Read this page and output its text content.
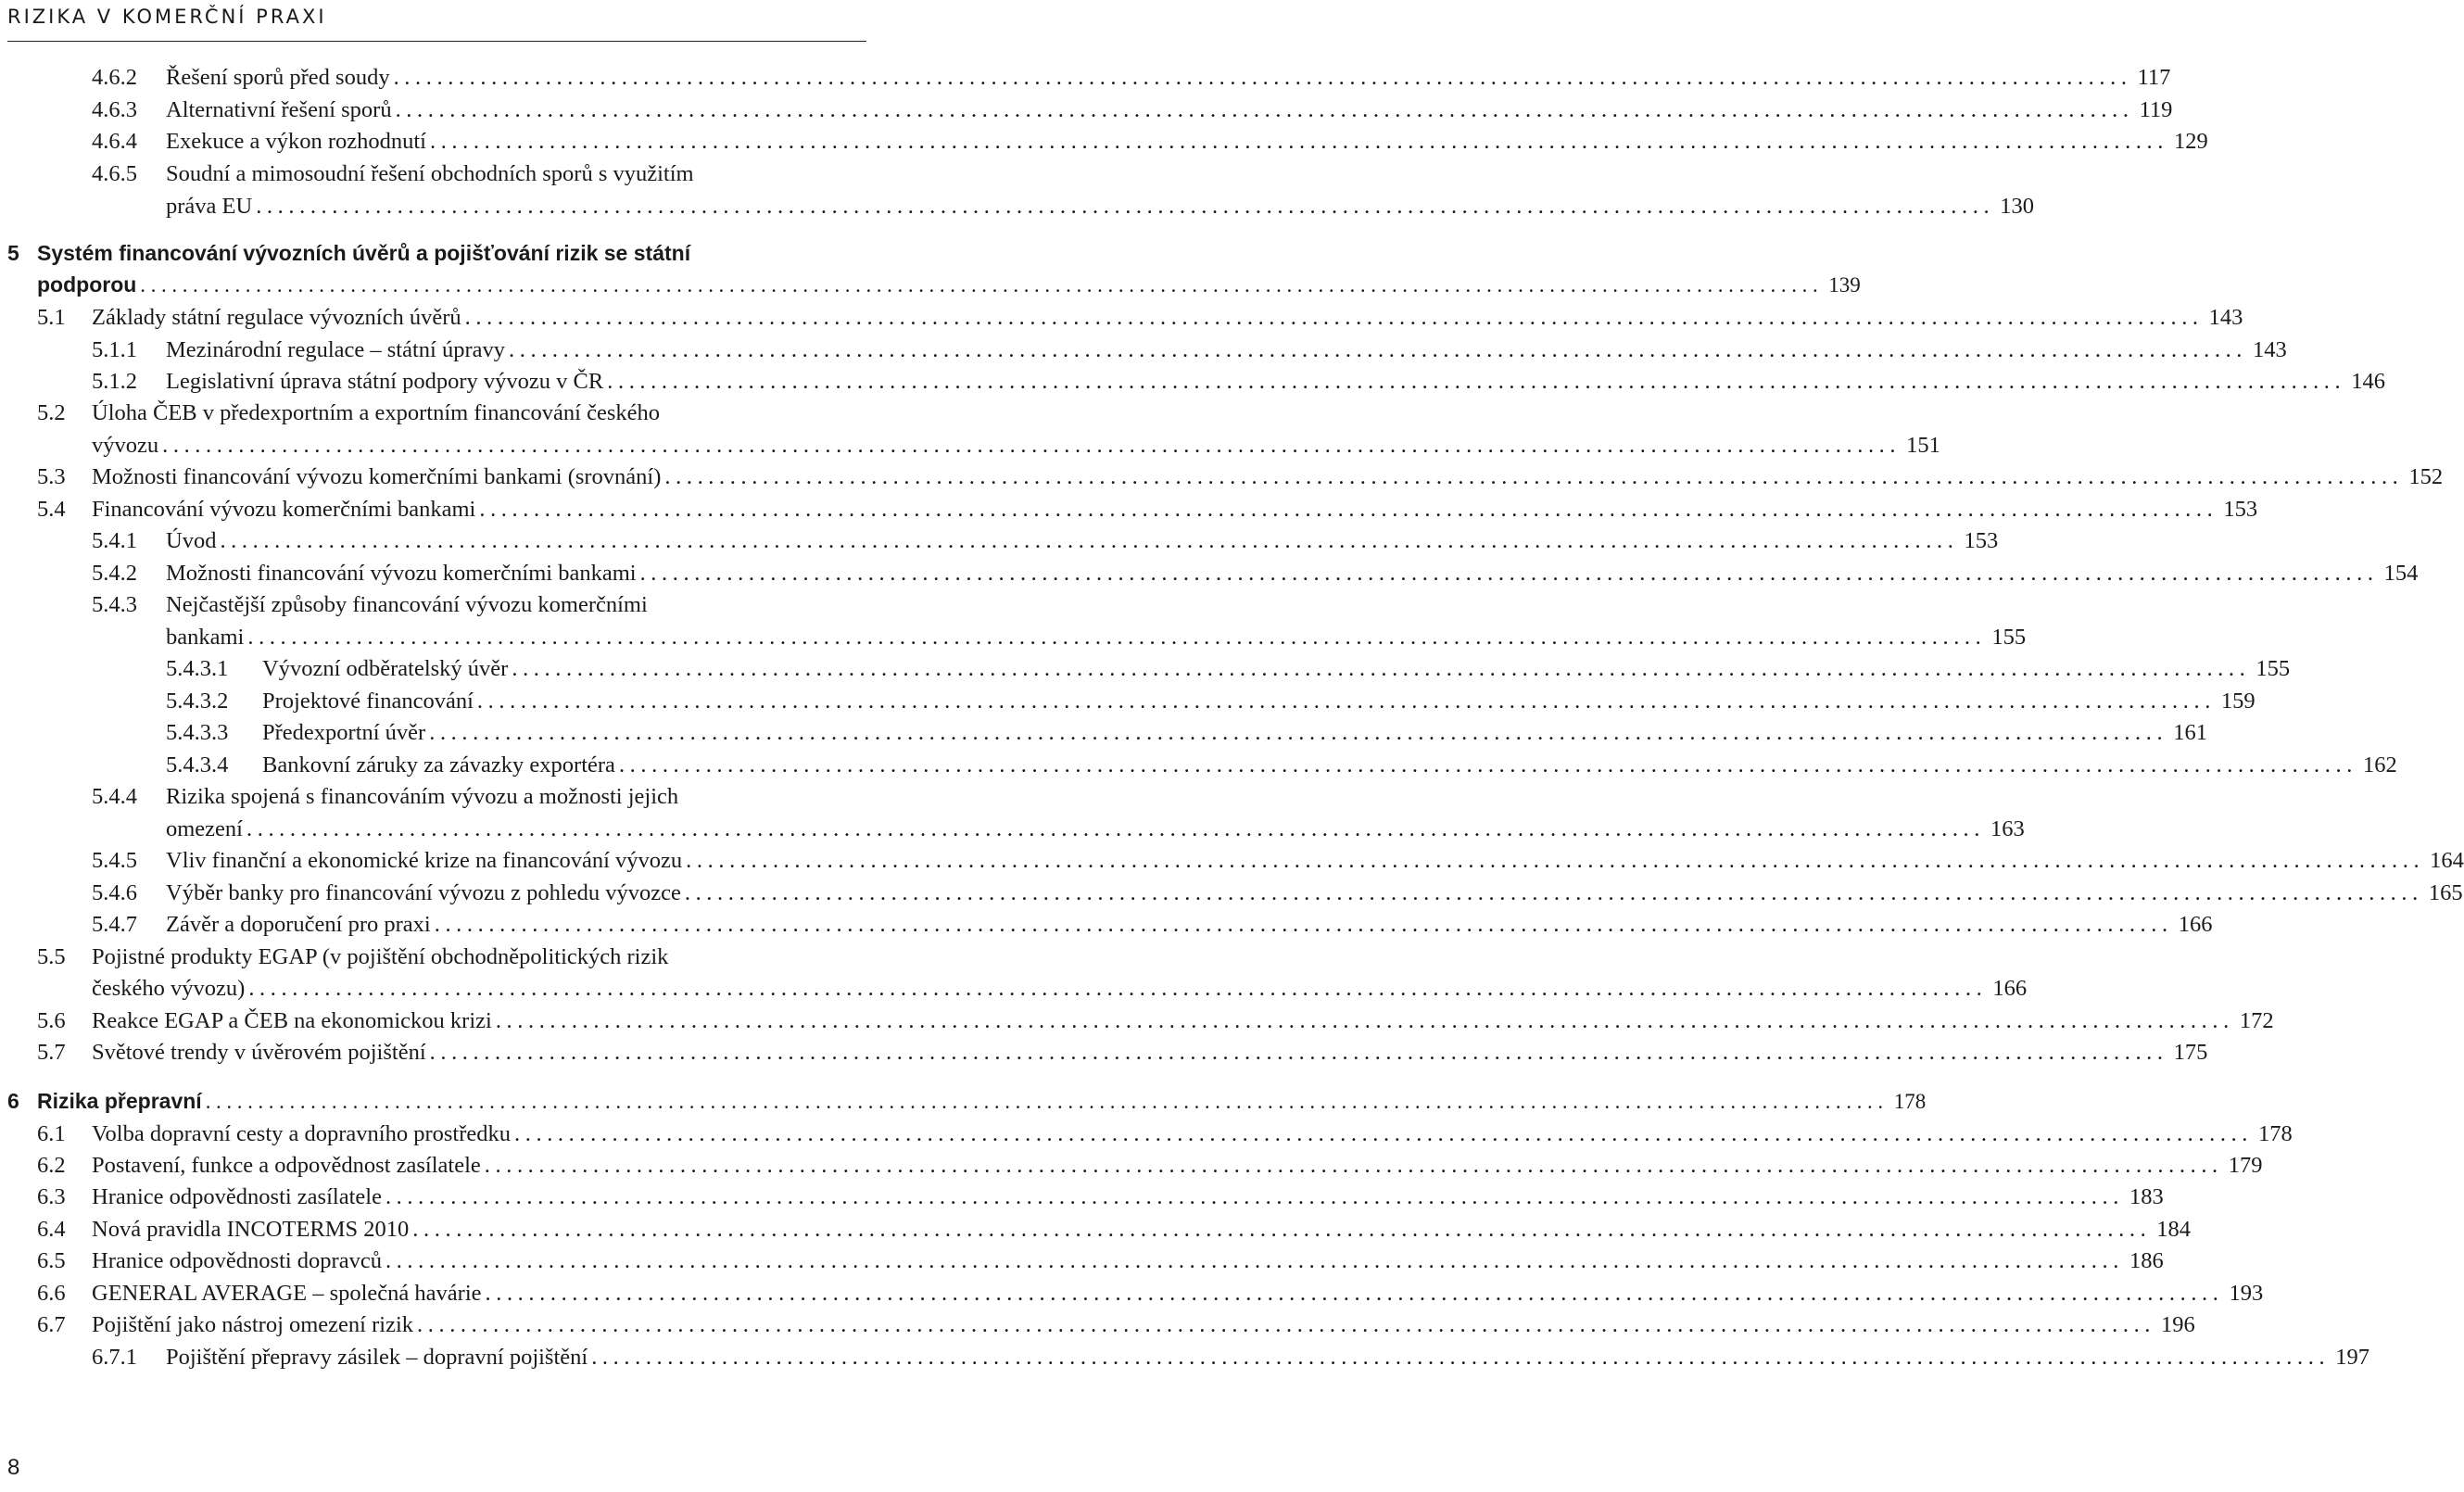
RIZIKA V KOMERČNÍ PRAXI
4.6.2	Řešení sporů před soudy ................................................................................................................................................................ 117
4.6.3	Alternativní řešení sporů ................................................................................................................................................................ 119
4.6.4	Exekuce a výkon rozhodnutí ................................................................................................................................................................ 129
4.6.5	Soudní a mimosoudní řešení obchodních sporů s využitím
práva EU ................................................................................................................................................................ 130
5 Systém financování vývozních úvěrů a pojišťování rizik se státní
podporou ................................................................................................................................................................ 139
5.1	Základy státní regulace vývozních úvěrů ................................................................................................................................................................ 143
5.1.1	Mezinárodní regulace – státní úpravy ................................................................................................................................................................ 143
5.1.2	Legislativní úprava státní podpory vývozu v ČR ................................................................................................................................................................ 146
5.2	Úloha ČEB v předexportním a exportním financování českého
vývozu ................................................................................................................................................................ 151
5.3	Možnosti financování vývozu komerčními bankami (srovnání) ................................................................................................................................................................ 152
5.4	Financování vývozu komerčními bankami ................................................................................................................................................................ 153
5.4.1	Úvod ................................................................................................................................................................ 153
5.4.2	Možnosti financování vývozu komerčními bankami ................................................................................................................................................................ 154
5.4.3	Nejčastější způsoby financování vývozu komerčními
bankami ................................................................................................................................................................ 155
5.4.3.1	Vývozní odběratelský úvěr ................................................................................................................................................................ 155
5.4.3.2	Projektové financování ................................................................................................................................................................ 159
5.4.3.3	Předexportní úvěr ................................................................................................................................................................ 161
5.4.3.4	Bankovní záruky za závazky exportéra ................................................................................................................................................................ 162
5.4.4	Rizika spojená s financováním vývozu a možnosti jejich
omezení ................................................................................................................................................................ 163
5.4.5	Vliv finanční a ekonomické krize na financování vývozu ................................................................................................................................................................ 164
5.4.6	Výběr banky pro financování vývozu z pohledu vývozce ................................................................................................................................................................ 165
5.4.7	Závěr a doporučení pro praxi ................................................................................................................................................................ 166
5.5	Pojistné produkty EGAP (v pojištění obchodněpolitických rizik
českého vývozu) ................................................................................................................................................................ 166
5.6	Reakce EGAP a ČEB na ekonomickou krizi ................................................................................................................................................................ 172
5.7	Světové trendy v úvěrovém pojištění ................................................................................................................................................................ 175
6 Rizika přepravní ................................................................................................................................................................ 178
6.1	Volba dopravní cesty a dopravního prostředku ................................................................................................................................................................ 178
6.2	Postavení, funkce a odpovědnost zasílatele ................................................................................................................................................................ 179
6.3	Hranice odpovědnosti zasílatele ................................................................................................................................................................ 183
6.4	Nová pravidla INCOTERMS 2010 ................................................................................................................................................................ 184
6.5	Hranice odpovědnosti dopravců ................................................................................................................................................................ 186
6.6	GENERAL AVERAGE – společná havárie ................................................................................................................................................................ 193
6.7	Pojištění jako nástroj omezení rizik ................................................................................................................................................................ 196
6.7.1	Pojištění přepravy zásilek – dopravní pojištění ................................................................................................................................................................ 197
8
